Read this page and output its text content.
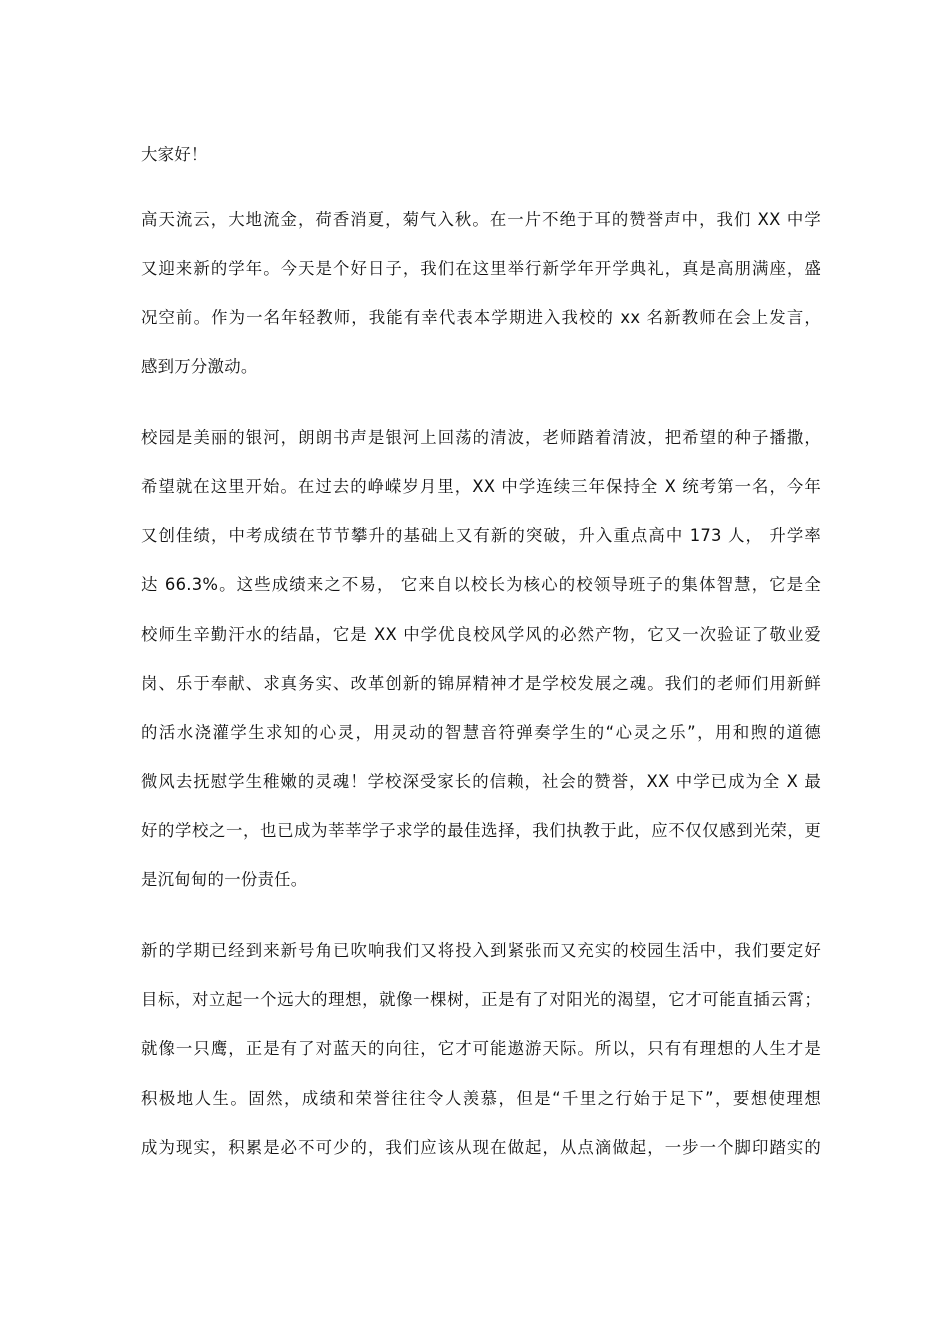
大家好！
高天流云，大地流金，荷香消夏，菊气入秋。在一片不绝于耳的赞誉声中，我们 XX 中学
又迎来新的学年。今天是个好日子，我们在这里举行新学年开学典礼，真是高朋满座，盛
况空前。作为一名年轻教师，我能有幸代表本学期进入我校的 xx 名新教师在会上发言，
感到万分激动。
校园是美丽的银河，朗朗书声是银河上回荡的清波，老师踏着清波，把希望的种子播撒，
希望就在这里开始。在过去的峥嵘岁月里，XX 中学连续三年保持全 X 统考第一名，今年
又创佳绩，中考成绩在节节攀升的基础上又有新的突破，升入重点高中 173 人， 升学率
达 66.3%。这些成绩来之不易， 它来自以校长为核心的校领导班子的集体智慧，它是全
校师生辛勤汗水的结晶，它是 XX 中学优良校风学风的必然产物，它又一次验证了敬业爱
岗、乐于奉献、求真务实、改革创新的锦屏精神才是学校发展之魂。我们的老师们用新鲜
的活水浇灌学生求知的心灵，用灵动的智慧音符弹奏学生的“心灵之乐”，用和煦的道德
微风去抚慰学生稚嫩的灵魂！学校深受家长的信赖，社会的赞誉，XX 中学已成为全 X 最
好的学校之一，也已成为莘莘学子求学的最佳选择，我们执教于此，应不仅仅感到光荣，更
是沉甸甸的一份责任。
新的学期已经到来新号角已吹响我们又将投入到紧张而又充实的校园生活中，我们要定好
目标，对立起一个远大的理想，就像一棵树，正是有了对阳光的渴望，它才可能直插云霄；
就像一只鹰，正是有了对蓝天的向往，它才可能遨游天际。所以，只有有理想的人生才是
积极地人生。固然，成绩和荣誉往往令人羡慕，但是“千里之行始于足下”，要想使理想
成为现实，积累是必不可少的，我们应该从现在做起，从点滴做起，一步一个脚印踏实的
